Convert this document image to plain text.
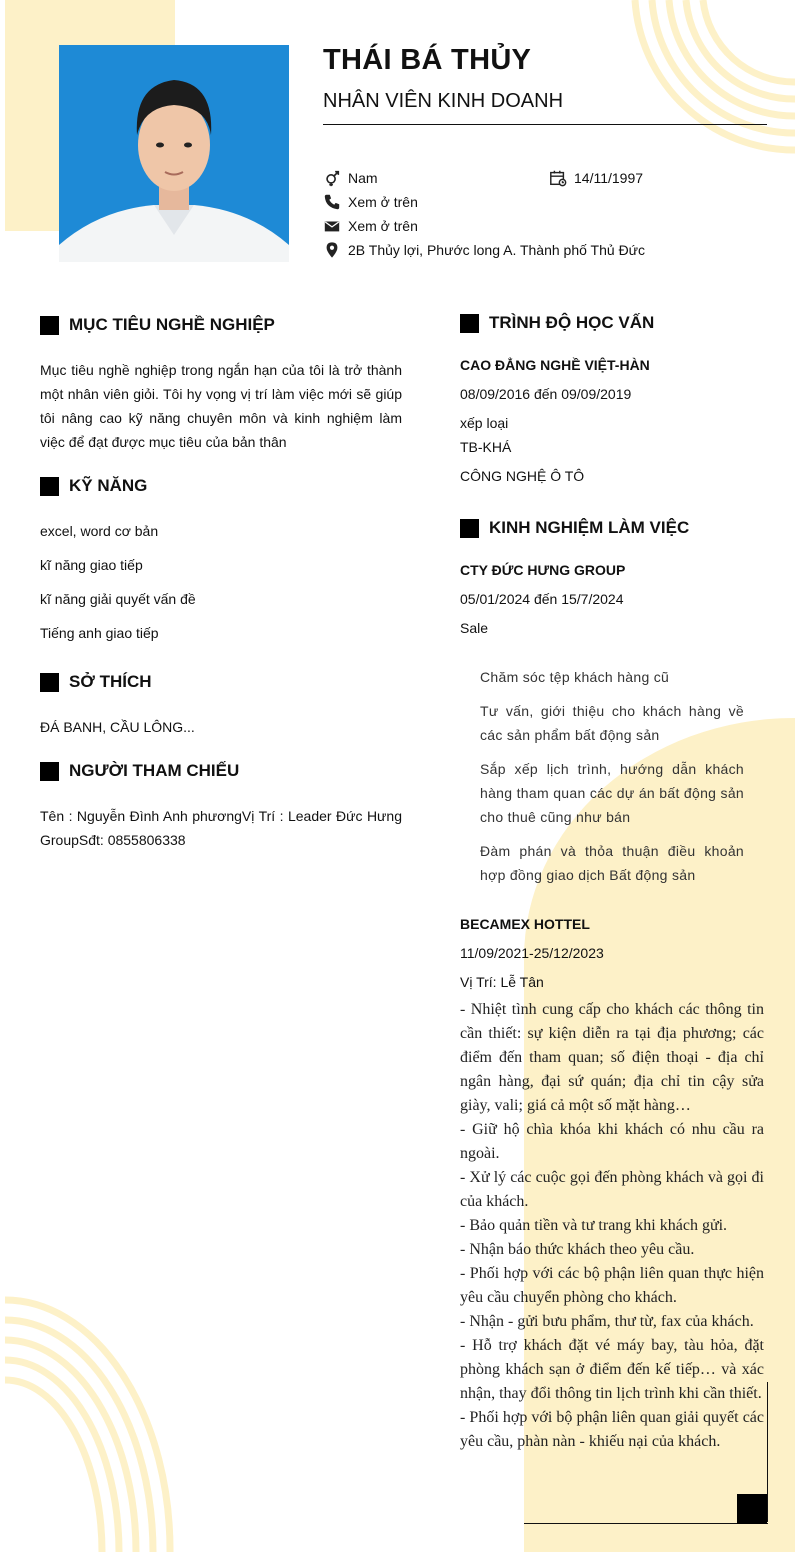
THÁI BÁ THỦY
NHÂN VIÊN KINH DOANH
Nam	14/11/1997
Xem ở trên
Xem ở trên
2B Thủy lợi, Phước long A. Thành phố Thủ Đức
MỤC TIÊU NGHỀ NGHIỆP
Mục tiêu nghề nghiệp trong ngắn hạn của tôi là trở thành một nhân viên giỏi. Tôi hy vọng vị trí làm việc mới sẽ giúp tôi nâng cao kỹ năng chuyên môn và kinh nghiệm làm việc để đạt được mục tiêu của bản thân
KỸ NĂNG
excel, word cơ bản
kĩ năng giao tiếp
kĩ năng giải quyết vấn đề
Tiếng anh giao tiếp
SỞ THÍCH
ĐÁ BANH, CẦU LÔNG...
NGƯỜI THAM CHIẾU
Tên : Nguyễn Đình Anh phươngVị Trí : Leader Đức Hưng GroupSđt: 0855806338
TRÌNH ĐỘ HỌC VẤN
CAO ĐẲNG NGHỀ VIỆT-HÀN
08/09/2016 đến 09/09/2019
xếp loại
TB-KHÁ
CÔNG NGHỆ Ô TÔ
KINH NGHIỆM LÀM VIỆC
CTY ĐỨC HƯNG GROUP
05/01/2024 đến 15/7/2024
Sale
Chăm sóc tệp khách hàng cũ
Tư vấn, giới thiệu cho khách hàng về các sản phẩm bất động sản
Sắp xếp lịch trình, hướng dẫn khách hàng tham quan các dự án bất động sản cho thuê cũng như bán
Đàm phán và thỏa thuận điều khoản hợp đồng giao dịch Bất động sản
BECAMEX HOTTEL
11/09/2021-25/12/2023
Vị Trí: Lễ Tân
- Nhiệt tình cung cấp cho khách các thông tin cần thiết: sự kiện diễn ra tại địa phương; các điểm đến tham quan; số điện thoại - địa chỉ ngân hàng, đại sứ quán; địa chỉ tin cậy sửa giày, vali; giá cả một số mặt hàng…
- Giữ hộ chìa khóa khi khách có nhu cầu ra ngoài.
- Xử lý các cuộc gọi đến phòng khách và gọi đi của khách.
- Bảo quản tiền và tư trang khi khách gửi.
- Nhận báo thức khách theo yêu cầu.
- Phối hợp với các bộ phận liên quan thực hiện yêu cầu chuyển phòng cho khách.
- Nhận - gửi bưu phẩm, thư từ, fax của khách.
- Hỗ trợ khách đặt vé máy bay, tàu hỏa, đặt phòng khách sạn ở điểm đến kế tiếp… và xác nhận, thay đổi thông tin lịch trình khi cần thiết.
- Phối hợp với bộ phận liên quan giải quyết các yêu cầu, phàn nàn - khiếu nại của khách.
